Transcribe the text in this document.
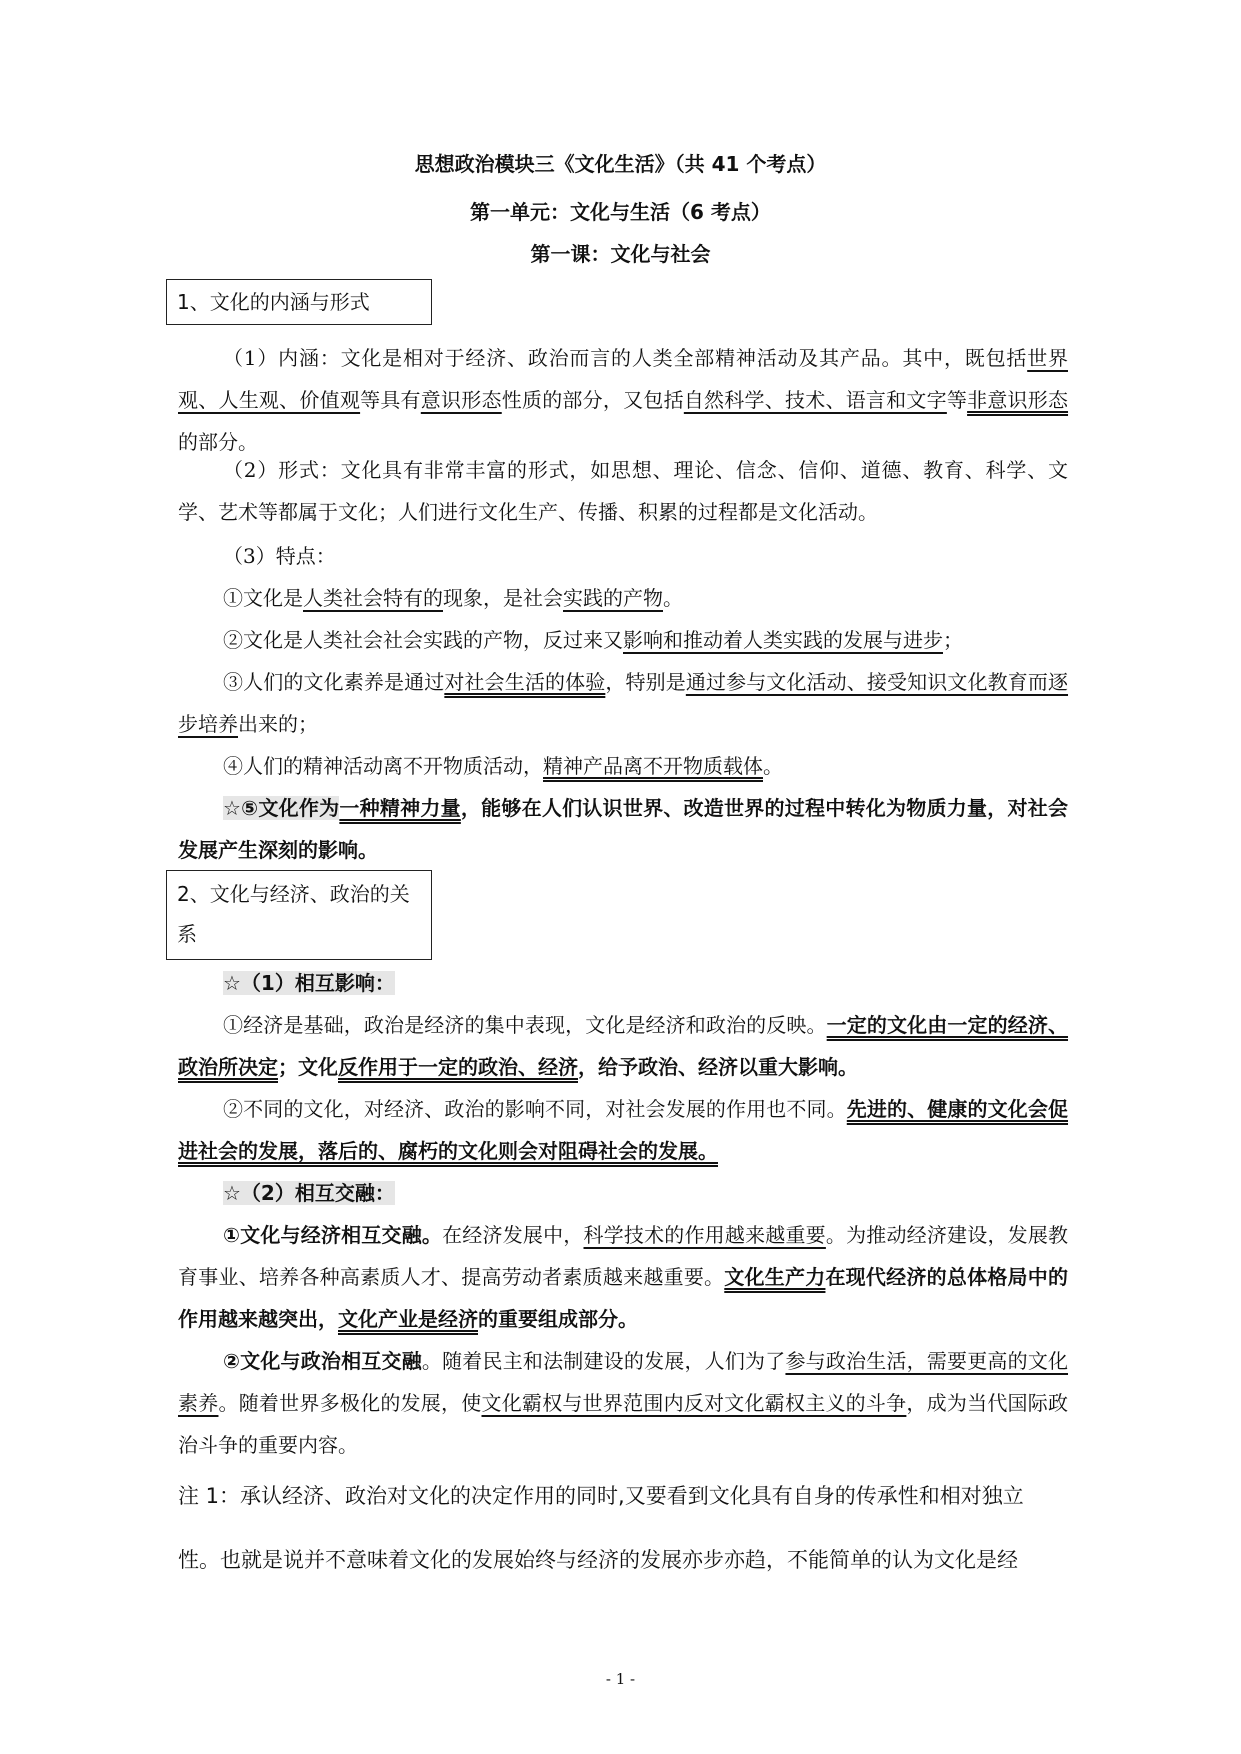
思想政治模块三《文化生活》（共 41 个考点）
第一单元：文化与生活（6 考点）
第一课：文化与社会
1、文化的内涵与形式
（1）内涵：文化是相对于经济、政治而言的人类全部精神活动及其产品。其中，既包括世界观、人生观、价值观等具有意识形态性质的部分，又包括自然科学、技术、语言和文字等非意识形态的部分。
（2）形式：文化具有非常丰富的形式，如思想、理论、信念、信仰、道德、教育、科学、文学、艺术等都属于文化；人们进行文化生产、传播、积累的过程都是文化活动。
（3）特点：
①文化是人类社会特有的现象，是社会实践的产物。
②文化是人类社会社会实践的产物，反过来又影响和推动着人类实践的发展与进步；
③人们的文化素养是通过对社会生活的体验，特别是通过参与文化活动、接受知识文化教育而逐步培养出来的；
④人们的精神活动离不开物质活动，精神产品离不开物质载体。
☆⑤文化作为一种精神力量，能够在人们认识世界、改造世界的过程中转化为物质力量，对社会发展产生深刻的影响。
2、文化与经济、政治的关系
☆（1）相互影响：
①经济是基础，政治是经济的集中表现，文化是经济和政治的反映。一定的文化由一定的经济、政治所决定；文化反作用于一定的政治、经济，给予政治、经济以重大影响。
②不同的文化，对经济、政治的影响不同，对社会发展的作用也不同。先进的、健康的文化会促进社会的发展，落后的、腐朽的文化则会对阻碍社会的发展。
☆（2）相互交融：
①文化与经济相互交融。在经济发展中，科学技术的作用越来越重要。为推动经济建设，发展教育事业、培养各种高素质人才、提高劳动者素质越来越重要。文化生产力在现代经济的总体格局中的作用越来越突出，文化产业是经济的重要组成部分。
②文化与政治相互交融。随着民主和法制建设的发展，人们为了参与政治生活，需要更高的文化素养。随着世界多极化的发展，使文化霸权与世界范围内反对文化霸权主义的斗争，成为当代国际政治斗争的重要内容。
注 1：承认经济、政治对文化的决定作用的同时,又要看到文化具有自身的传承性和相对独立
性。也就是说并不意味着文化的发展始终与经济的发展亦步亦趋，不能简单的认为文化是经
- 1 -
